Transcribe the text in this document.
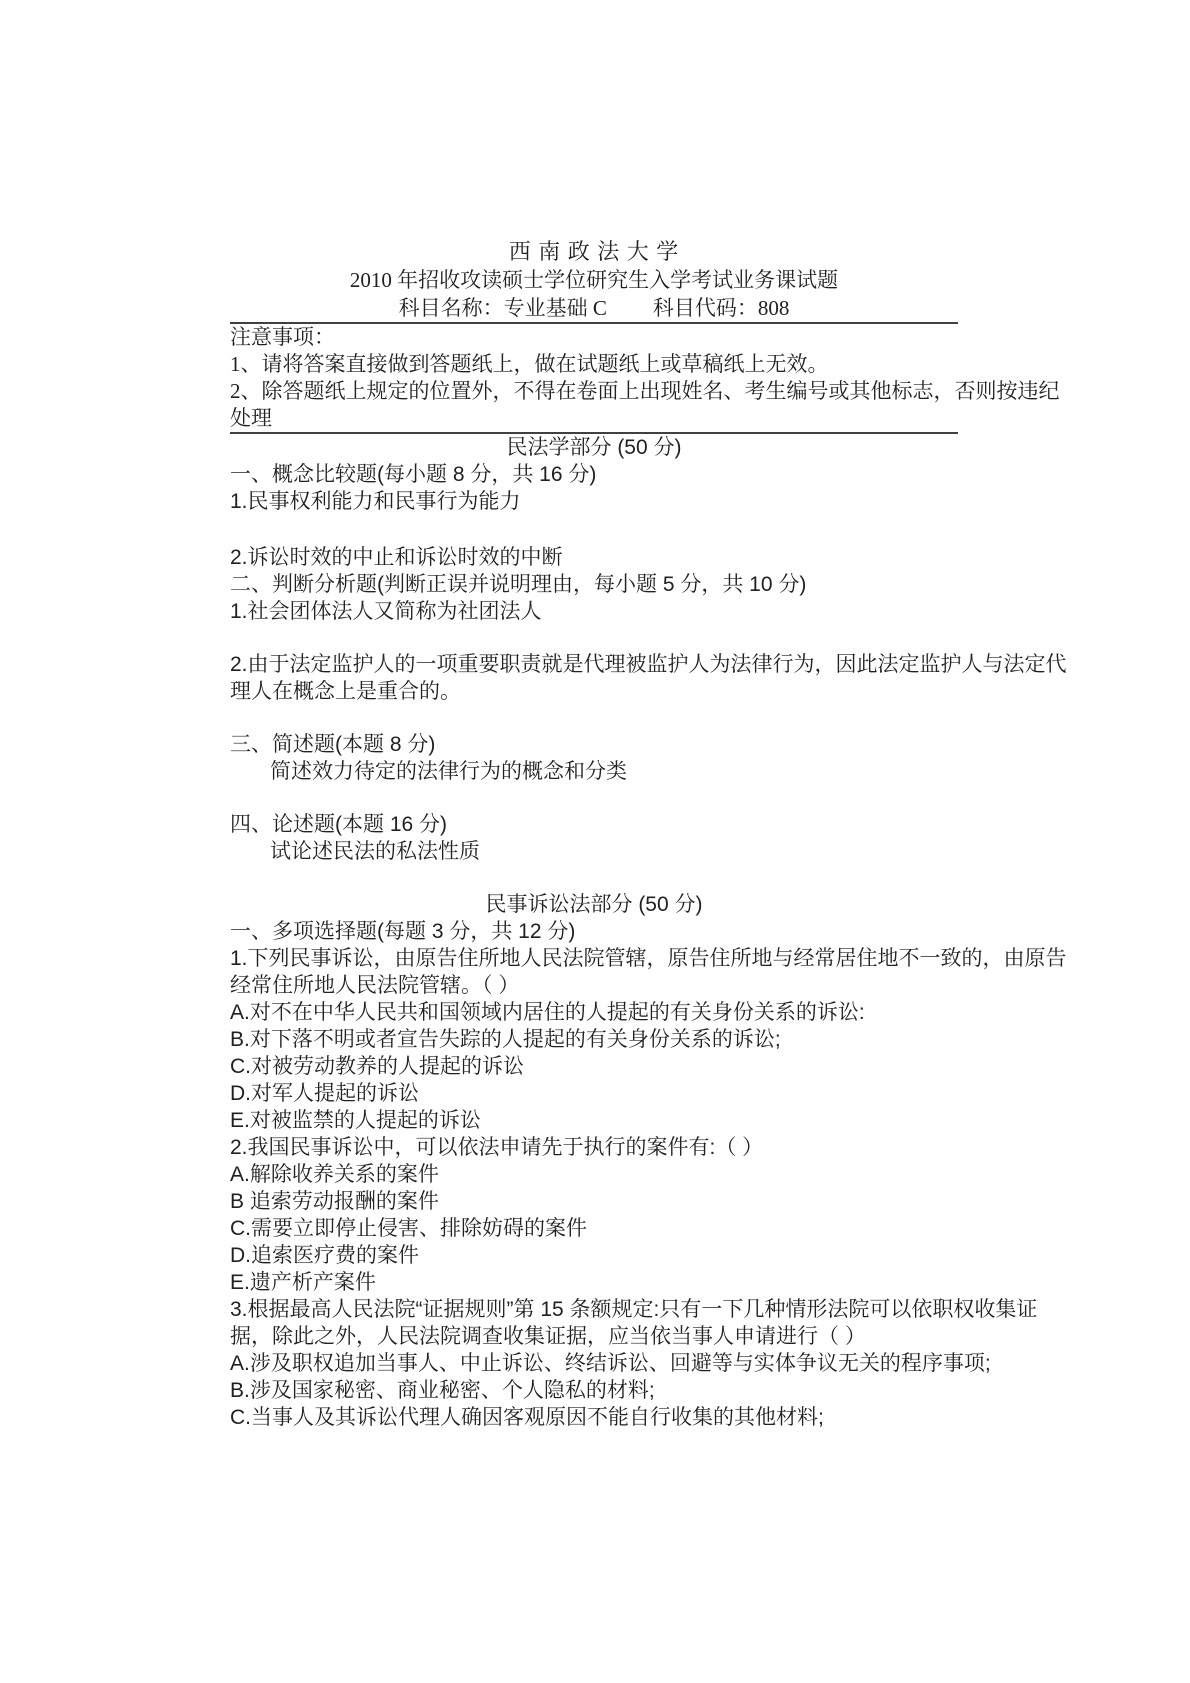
西 南 政 法 大 学
2010 年招收攻读硕士学位研究生入学考试业务课试题
科目名称：专业基础 C 科目代码：808
注意事项：
1、请将答案直接做到答题纸上，做在试题纸上或草稿纸上无效。
2、除答题纸上规定的位置外，不得在卷面上出现姓名、考生编号或其他标志，否则按违纪
处理
民法学部分 (50 分)
一、概念比较题(每小题 8 分，共 16 分)
1.民事权利能力和民事行为能力
2.诉讼时效的中止和诉讼时效的中断
二、判断分析题(判断正误并说明理由，每小题 5 分，共 10 分)
1.社会团体法人又简称为社团法人
2.由于法定监护人的一项重要职责就是代理被监护人为法律行为，因此法定监护人与法定代
理人在概念上是重合的。
三、简述题(本题 8 分)
简述效力待定的法律行为的概念和分类
四、论述题(本题 16 分)
试论述民法的私法性质
民事诉讼法部分 (50 分)
一、多项选择题(每题 3 分，共 12 分)
1.下列民事诉讼，由原告住所地人民法院管辖，原告住所地与经常居住地不一致的，由原告
经常住所地人民法院管辖。（ ）
A.对不在中华人民共和国领域内居住的人提起的有关身份关系的诉讼:
B.对下落不明或者宣告失踪的人提起的有关身份关系的诉讼;
C.对被劳动教养的人提起的诉讼
D.对军人提起的诉讼
E.对被监禁的人提起的诉讼
2.我国民事诉讼中，可以依法申请先于执行的案件有:（ ）
A.解除收养关系的案件
B 追索劳动报酬的案件
C.需要立即停止侵害、排除妨碍的案件
D.追索医疗费的案件
E.遗产析产案件
3.根据最高人民法院“证据规则”第 15 条额规定:只有一下几种情形法院可以依职权收集证
据，除此之外，人民法院调查收集证据，应当依当事人申请进行（ ）
A.涉及职权追加当事人、中止诉讼、终结诉讼、回避等与实体争议无关的程序事项;
B.涉及国家秘密、商业秘密、个人隐私的材料;
C.当事人及其诉讼代理人确因客观原因不能自行收集的其他材料;
